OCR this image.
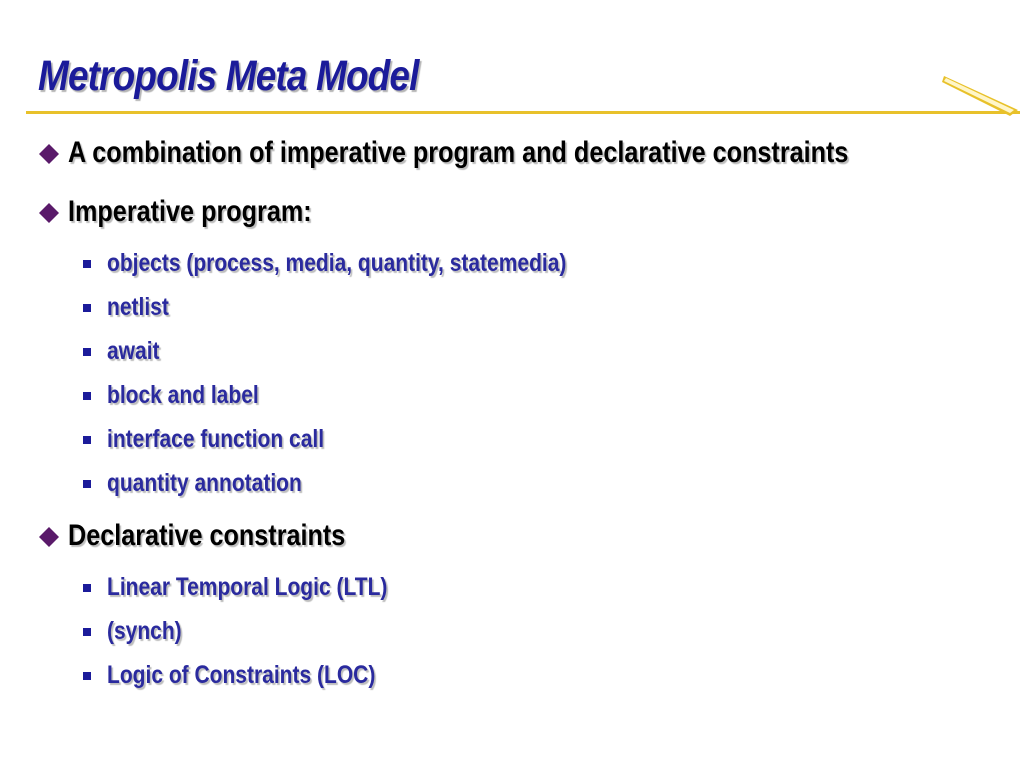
Metropolis Meta Model
A combination of imperative program and declarative constraints
Imperative program:
objects (process, media, quantity, statemedia)
netlist
await
block and label
interface function call
quantity annotation
Declarative constraints
Linear Temporal Logic (LTL)
(synch)
Logic of Constraints (LOC)
